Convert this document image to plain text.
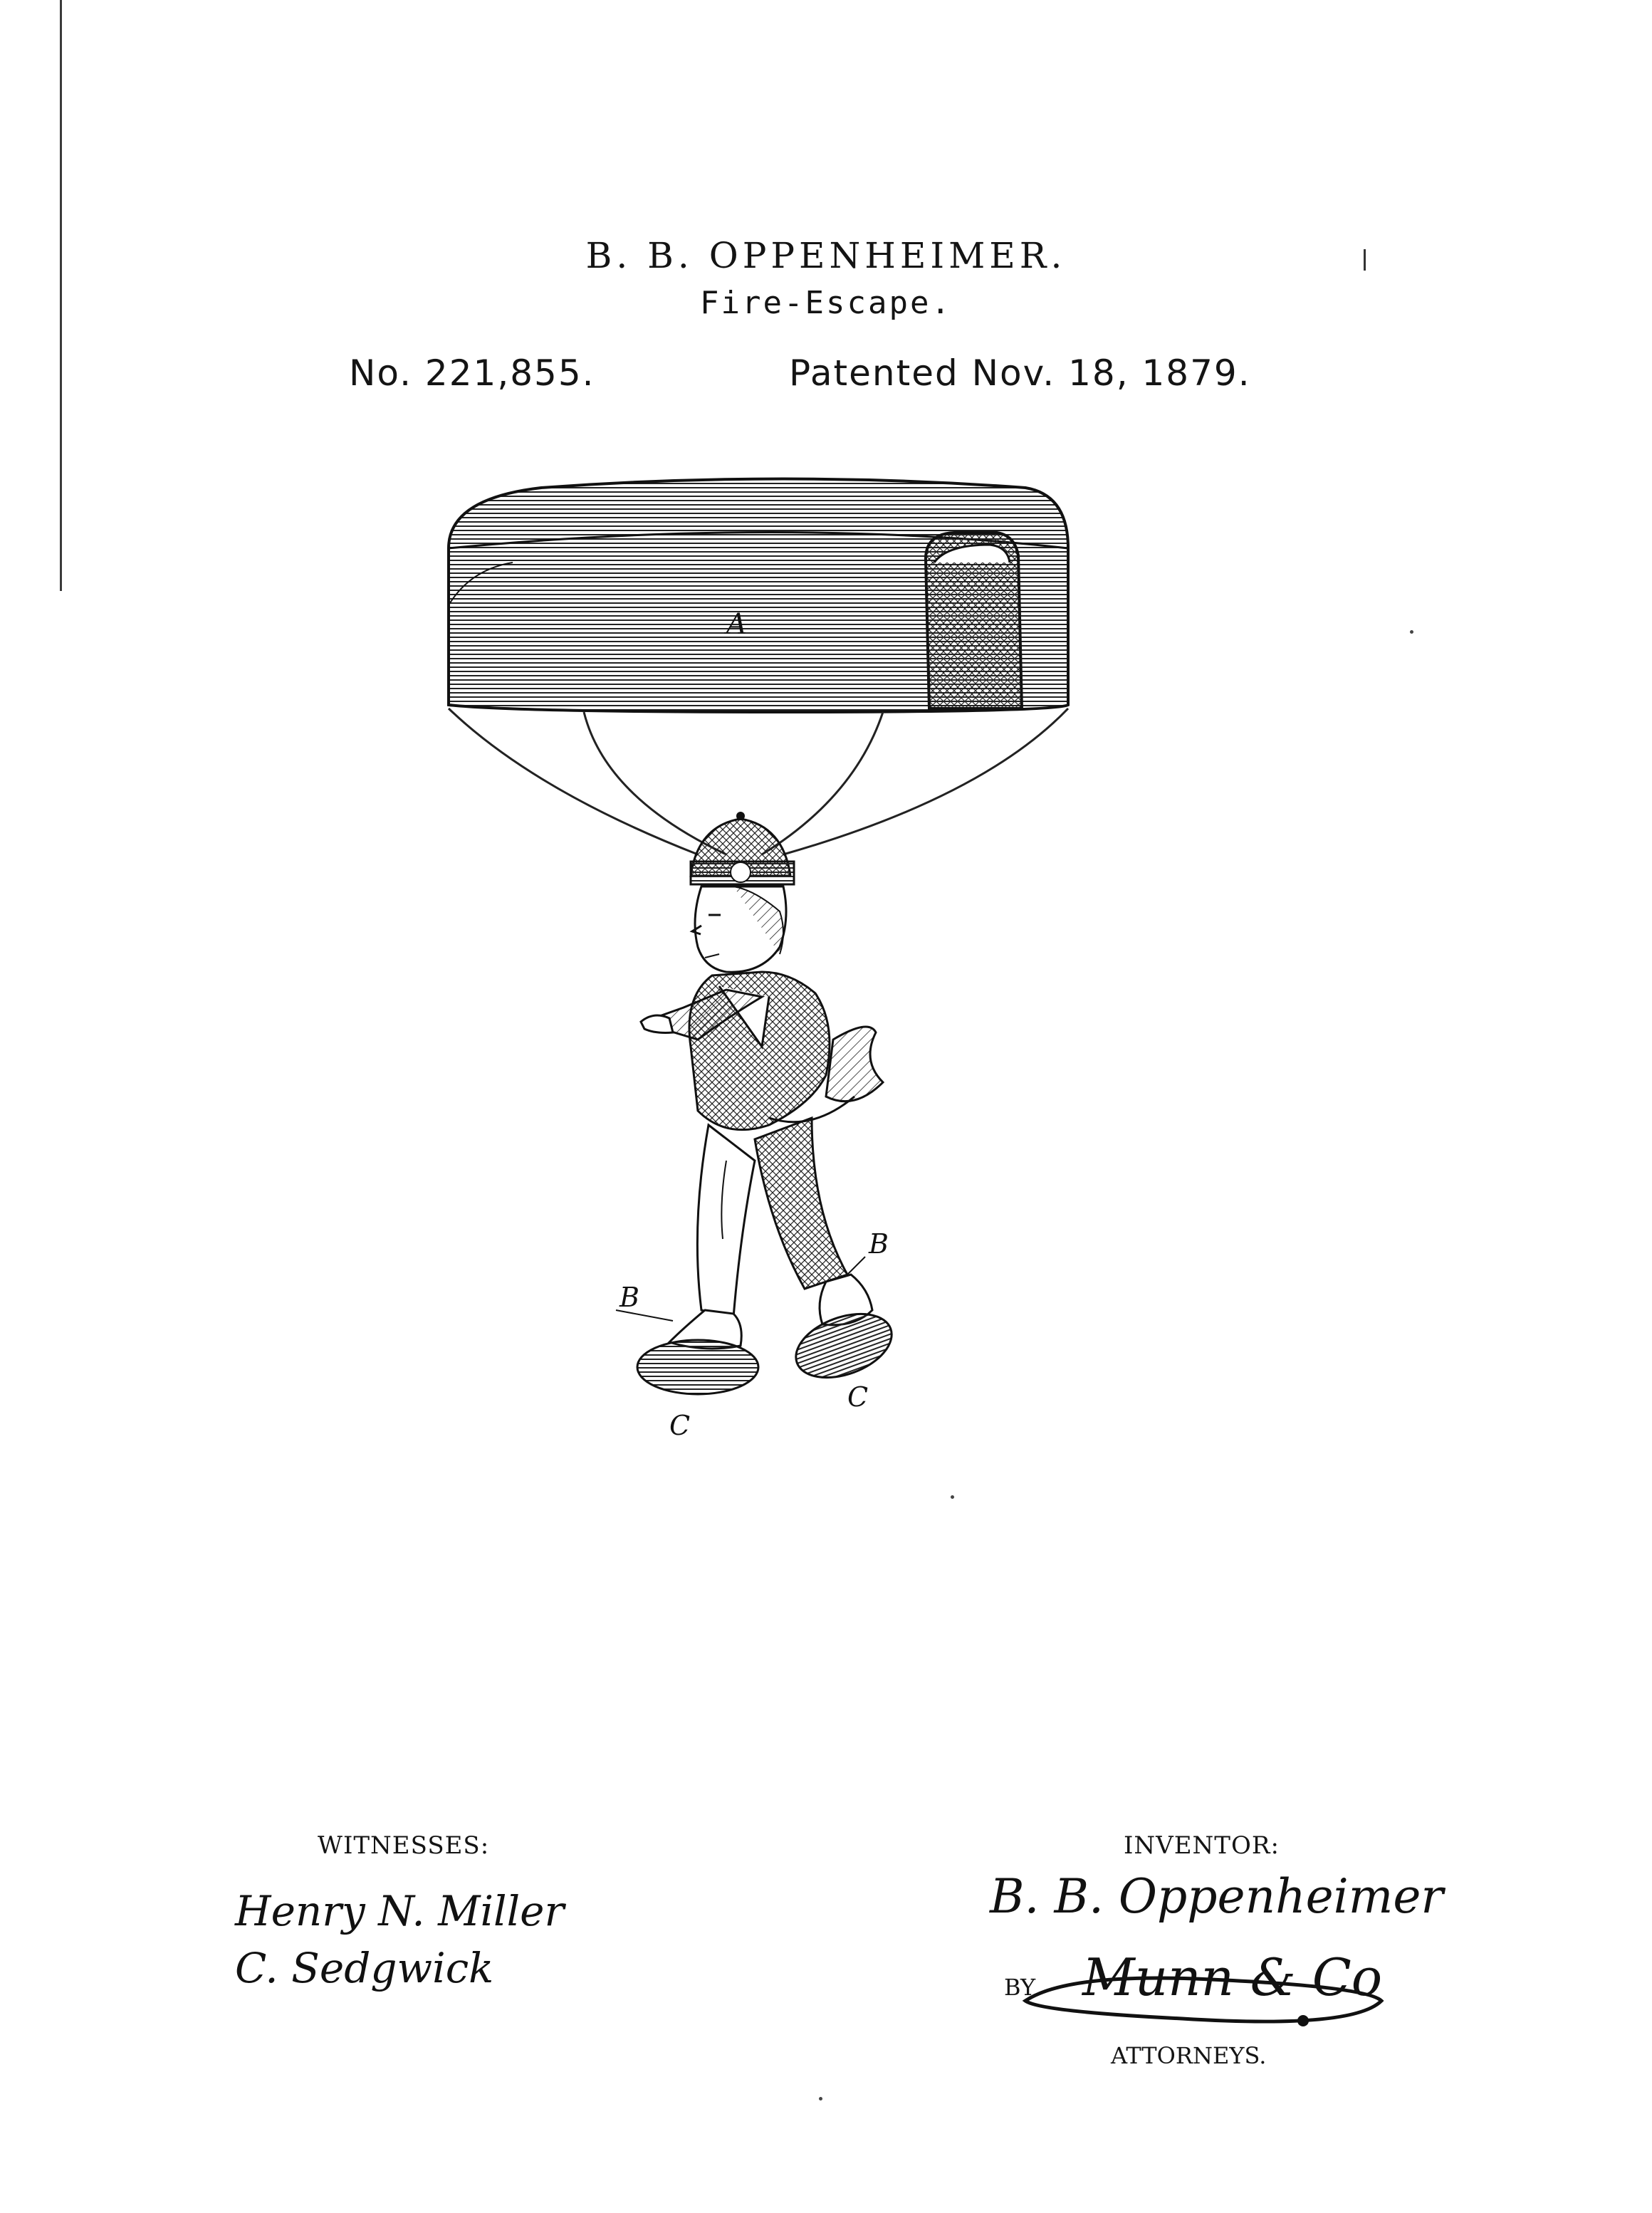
B. B. OPPENHEIMER.
Fire-Escape.
No. 221,855.	Patented Nov. 18, 1879.
A
B
B
C
C
WITNESSES:
Henry N. Miller
C. Sedgwick
INVENTOR:
B. B. Oppenheimer
BY Munn & Co
ATTORNEYS.
